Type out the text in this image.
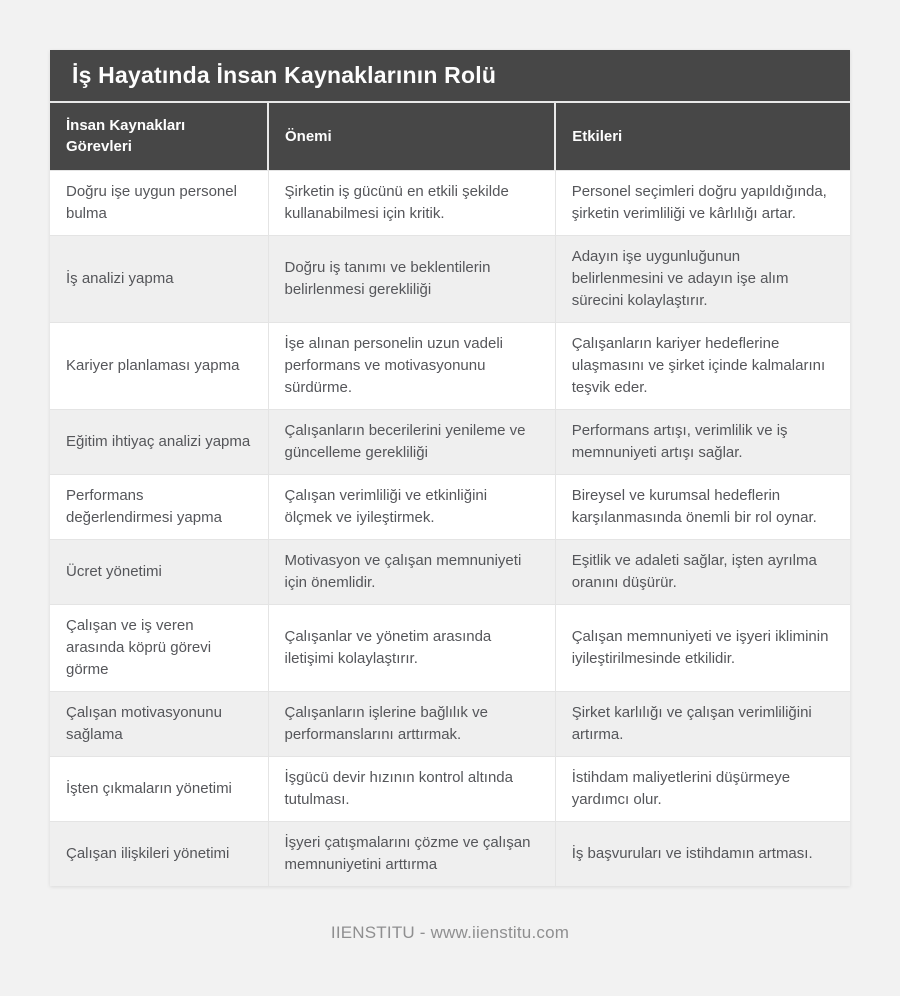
İş Hayatında İnsan Kaynaklarının Rolü
İnsan Kaynakları Görevleri	Önemi	Etkileri
Doğru işe uygun personel bulma	Şirketin iş gücünü en etkili şekilde kullanabilmesi için kritik.	Personel seçimleri doğru yapıldığında, şirketin verimliliği ve kârlılığı artar.
İş analizi yapma	Doğru iş tanımı ve beklentilerin belirlenmesi gerekliliği	Adayın işe uygunluğunun belirlenmesini ve adayın işe alım sürecini kolaylaştırır.
Kariyer planlaması yapma	İşe alınan personelin uzun vadeli performans ve motivasyonunu sürdürme.	Çalışanların kariyer hedeflerine ulaşmasını ve şirket içinde kalmalarını teşvik eder.
Eğitim ihtiyaç analizi yapma	Çalışanların becerilerini yenileme ve güncelleme gerekliliği	Performans artışı, verimlilik ve iş memnuniyeti artışı sağlar.
Performans değerlendirmesi yapma	Çalışan verimliliği ve etkinliğini ölçmek ve iyileştirmek.	Bireysel ve kurumsal hedeflerin karşılanmasında önemli bir rol oynar.
Ücret yönetimi	Motivasyon ve çalışan memnuniyeti için önemlidir.	Eşitlik ve adaleti sağlar, işten ayrılma oranını düşürür.
Çalışan ve iş veren arasında köprü görevi görme	Çalışanlar ve yönetim arasında iletişimi kolaylaştırır.	Çalışan memnuniyeti ve işyeri ikliminin iyileştirilmesinde etkilidir.
Çalışan motivasyonunu sağlama	Çalışanların işlerine bağlılık ve performanslarını arttırmak.	Şirket karlılığı ve çalışan verimliliğini artırma.
İşten çıkmaların yönetimi	İşgücü devir hızının kontrol altında tutulması.	İstihdam maliyetlerini düşürmeye yardımcı olur.
Çalışan ilişkileri yönetimi	İşyeri çatışmalarını çözme ve çalışan memnuniyetini arttırma	İş başvuruları ve istihdamın artması.
IIENSTITU - www.iienstitu.com
